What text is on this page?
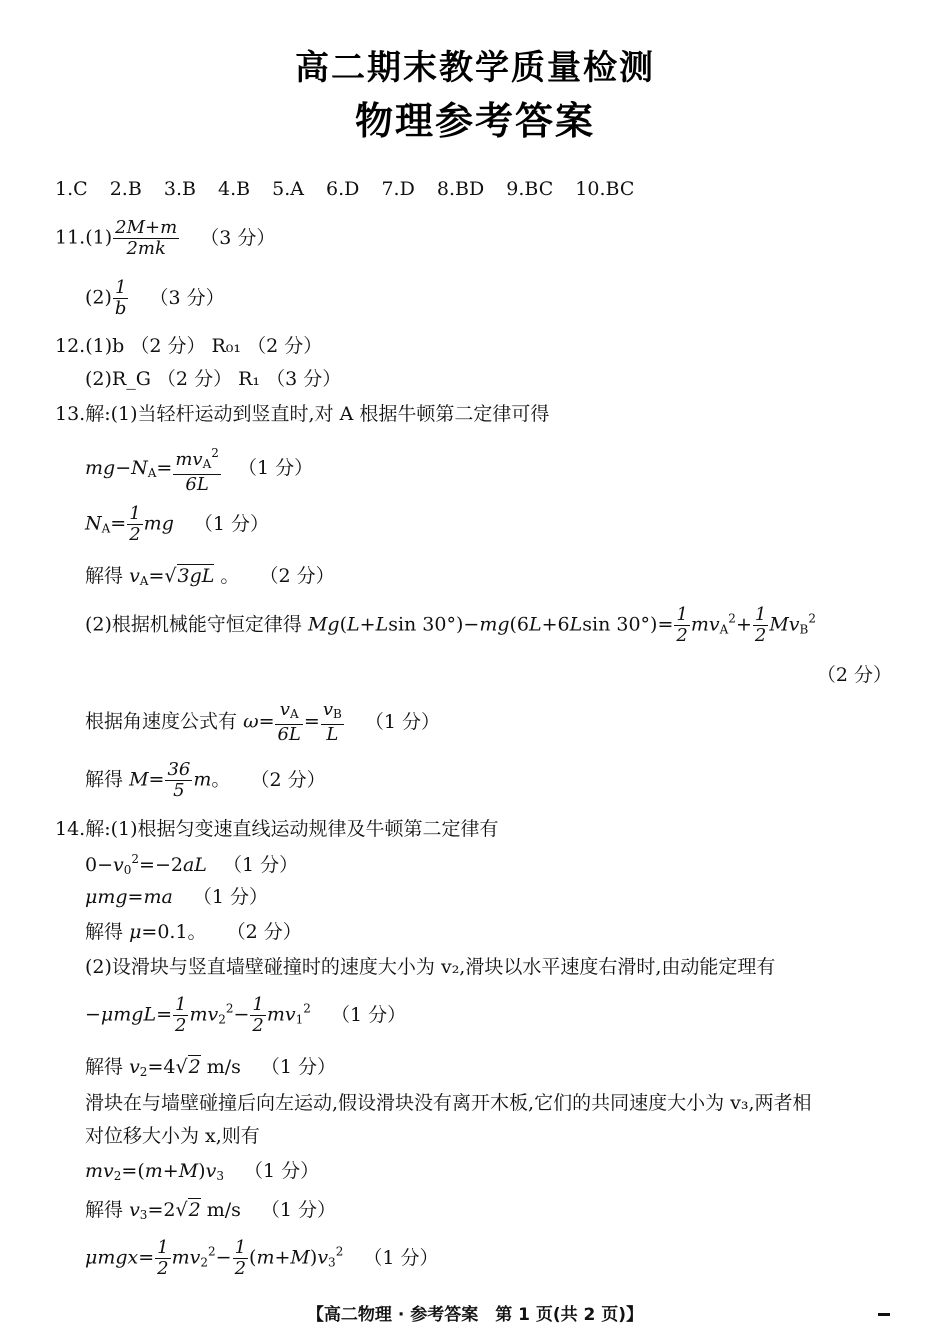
高二期末教学质量检测
物理参考答案
1.C 2.B 3.B 4.B 5.A 6.D 7.D 8.BD 9.BC 10.BC
$11.(1) \frac{2M+m}{2mk} (3$ 分）
$(2) \frac{1}{b} (3$ 分）
12.(1)b （2 分） R₀₁ （2 分）
(2)R_G （2 分） R₁ （3 分）
13.解:(1)当轻杆运动到竖直时,对 A 根据牛顿第二定律可得
$mg-N_A= \frac{mv_A^2}{6L} (1$ 分）
$N_A= \frac{1}{2}$ mg （1 分）
解得 $v_A=√3gL$ 。 （2 分）
(2)根据机械能守恒定律得 Mg(L+Lsin 30°)−mg(6L+6Lsin $30^\circ)= \frac{1}{2} mv_A^2+ \frac{1}{2} Mv_B^2$
（2 分）
根据角速度公式有 $\omega= \frac{v_A}{6L} = \frac{v_B}{L} (1$ 分）
解得 $M= \frac{36}{5}$ m。 （2 分）
14.解:(1)根据匀变速直线运动规律及牛顿第二定律有
$0-v_0^2=-2aL$ （1 分）
μmg=ma （1 分）
解得 μ=0.1。 （2 分）
(2)设滑块与竖直墙壁碰撞时的速度大小为 v₂,滑块以水平速度右滑时,由动能定理有
$-\mu mgL= \frac{1}{2} mv_2^2- \frac{1}{2} mv_1^2$ （1 分）
解得 $v_2=4√2$ m/s （1 分）
滑块在与墙壁碰撞后向左运动,假设滑块没有离开木板,它们的共同速度大小为 v₃,两者相
对位移大小为 x,则有
$mv_2=(m+M)v_3$ （1 分）
解得 $v_3=2√2$ m/s （1 分）
$\mu mgx= \frac{1}{2} mv_2^2- \frac{1}{2} (m+M)v_3^2$ （1 分）
【高二物理 · 参考答案　第 1 页(共 2 页)】
